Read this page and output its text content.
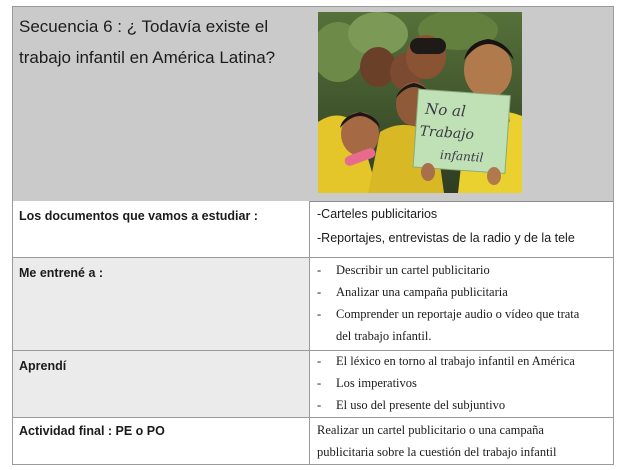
Secuencia 6 : ¿ Todavía existe el trabajo infantil en América Latina?
No al
Trabajo
infantil
Los documentos que vamos a estudiar :	-Carteles publicitarios
-Reportajes, entrevistas de la radio y de la tele
Me entrené a :	-	Describir un cartel publicitario
-	Analizar una campaña publicitaria
-	Comprender un reportaje audio o vídeo que trata
del trabajo infantil.
Aprendí	-	El léxico en torno al trabajo infantil en América
-	Los imperativos
-	El uso del presente del subjuntivo
Actividad final : PE o PO	Realizar un cartel publicitario o una campaña
publicitaria sobre la cuestión del trabajo infantil
